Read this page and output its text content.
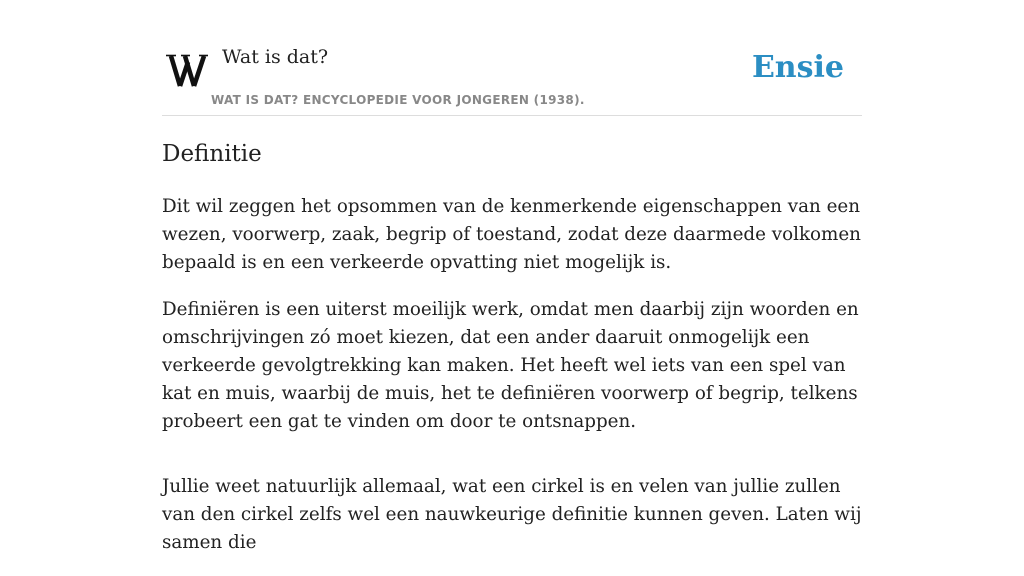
Wat is dat?
WAT IS DAT? ENCYCLOPEDIE VOOR JONGEREN (1938).
Ensie
Definitie

Dit wil zeggen het opsommen van de kenmerkende eigenschappen van een wezen, voorwerp, zaak, begrip of toestand, zodat deze daarmede volkomen bepaald is en een verkeerde opvatting niet mogelijk is.

Definiëren is een uiterst moeilijk werk, omdat men daarbij zijn woorden en omschrijvingen zó moet kiezen, dat een ander daaruit onmogelijk een verkeerde gevolgtrekking kan maken. Het heeft wel iets van een spel van kat en muis, waarbij de muis, het te definiëren voorwerp of begrip, telkens probeert een gat te vinden om door te ontsnappen.

Jullie weet natuurlijk allemaal, wat een cirkel is en velen van jullie zullen van den cirkel zelfs wel een nauwkeurige definitie kunnen geven. Laten wij samen die
